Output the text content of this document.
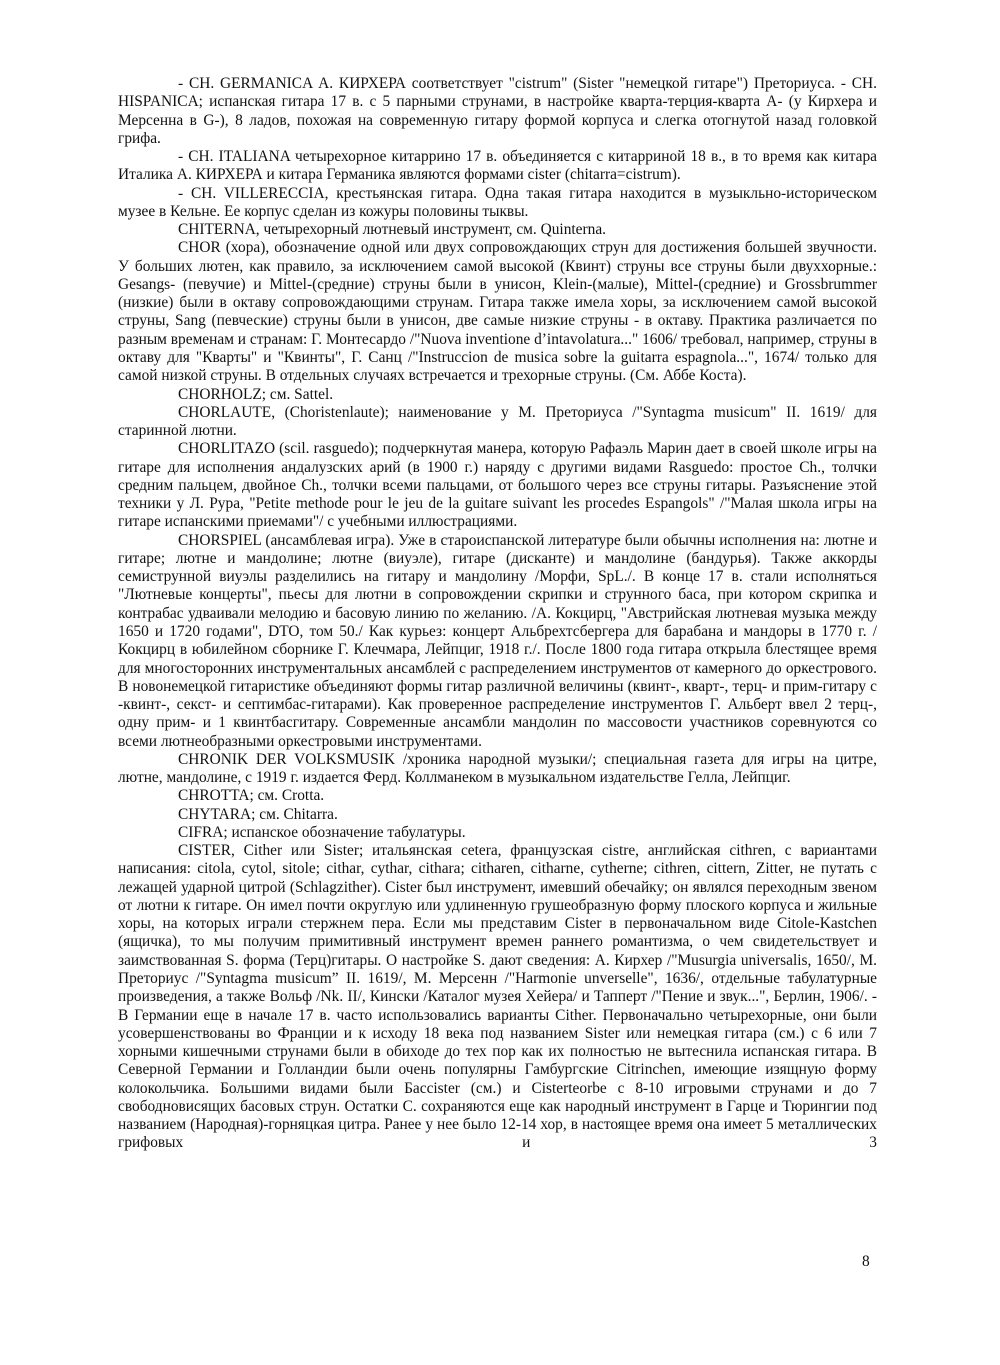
- CH. GERMANICA А. КИРХЕРА соответствует "cistrum" (Sister "немецкой гитаре") Преториуса. - CH. HISPANICA; испанская гитара 17 в. с 5 парными струнами, в настройке кварта-терция-кварта A- (у Кирхера и Мерсенна в G-), 8 ладов, похожая на современную гитару формой корпуса и слегка отогнутой назад головкой грифа.

- CH. ITALIANA четырехорное китаррино 17 в. объединяется с китарриной 18 в., в то время как китара Италика А. КИРХЕРА и китара Германика являются формами cister (chitarra=cistrum).

- CH. VILLERECCIA, крестьянская гитара. Одна такая гитара находится в музыкльно-историческом музее в Кельне. Ее корпус сделан из кожуры половины тыквы.

CHITERNA, четырехорный лютневый инструмент, см. Quinterna.

CHOR (хора), обозначение одной или двух сопровождающих струн для достижения большей звучности. У больших лютен, как правило, за исключением самой высокой (Квинт) струны все струны были двуххорные.: Gesangs- (певучие) и Mittel-(средние) струны были в унисон, Klein-(малые), Mittel-(средние) и Grossbrummer (низкие) были в октаву сопровождающими струнам. Гитара также имела хоры, за исключением самой высокой струны, Sang (певческие) струны были в унисон, две самые низкие струны - в октаву. Практика различается по разным временам и странам: Г. Монтесардо /"Nuova inventione d’intavolatura..." 1606/ требовал, например, струны в октаву для "Кварты" и "Квинты", Г. Санц /"Instruccion de musica sobre la guitarra espagnola...", 1674/ только для самой низкой струны. В отдельных случаях встречается и трехорные струны. (См. Аббе Коста).

CHORHOLZ; см. Sattel.

CHORLAUTE, (Choristenlaute); наименование у М. Преториуса /"Syntagma musicum" II. 1619/ для старинной лютни.

CHORLITAZO (scil. rasguedo); подчеркнутая манера, которую Рафаэль Марин дает в своей школе игры на гитаре для исполнения андалузских арий (в 1900 г.) наряду с другими видами Rasguedo: простое Ch., толчки средним пальцем, двойное Ch., толчки всеми пальцами, от большого через все струны гитары. Разъяснение этой техники у Л. Рура, "Petite methode pour le jeu de la guitare suivant les procedes Espangols" /"Малая школа игры на гитаре испанскими приемами"/ с учебными иллюстрациями.

CHORSPIEL (ансамблевая игра). Уже в староиспанской литературе были обычны исполнения на: лютне и гитаре; лютне и мандолине; лютне (виуэле), гитаре (дисканте) и мандолине (бандурья). Также аккорды семиструнной виуэлы разделились на гитару и мандолину /Морфи, SpL./. В конце 17 в. стали исполняться "Лютневые концерты", пьесы для лютни в сопровождении скрипки и струнного баса, при котором скрипка и контрабас удваивали мелодию и басовую линию по желанию. /А. Кокцирц, "Австрийская лютневая музыка между 1650 и 1720 годами", DTO, том 50./ Как курьез: концерт Альбрехтсбергера для барабана и мандоры в 1770 г. /Кокцирц в юбилейном сборнике Г. Клечмара, Лейпциг, 1918 г./. После 1800 года гитара открыла блестящее время для многосторонних инструментальных ансамблей с распределением инструментов от камерного до оркестрового. В новонемецкой гитаристике объединяют формы гитар различной величины (квинт-, кварт-, терц- и прим-гитару с -квинт-, секст- и септимбас-гитарами). Как проверенное распределение инструментов Г. Альберт ввел 2 терц-, одну прим- и 1 квинтбасгитару. Современные ансамбли мандолин по массовости участников соревнуются со всеми лютнеобразными оркестровыми инструментами.

CHRONIK DER VOLKSMUSIK /хроника народной музыки/; специальная газета для игры на цитре, лютне, мандолине, с 1919 г. издается Ферд. Коллманеком в музыкальном издательстве Гелла, Лейпциг.

CHROTTA; см. Crotta.

CHYTARA; см. Chitarra.

CIFRA; испанское обозначение табулатуры.

CISTER, Cither или Sister; итальянская cetera, французская cistre, английская cithren, с вариантами написания: citola, cytol, sitole; cithar, cythar, cithara; citharen, citharne, cytherne; cithren, cittern, Zitter, не путать с лежащей ударной цитрой (Schlagzither). Cister был инструмент, имевший обечайку; он являлся переходным звеном от лютни к гитаре. Он имел почти округлую или удлиненную грушеобразную форму плоского корпуса и жильные хоры, на которых играли стержнем пера. Если мы представим Cister в первоначальном виде Citole-Kastchen (ящичка), то мы получим примитивный инструмент времен раннего романтизма, о чем свидетельствует и заимствованная S. форма (Терц)гитары. О настройке S. дают сведения: А. Кирхер /"Musurgia universalis, 1650/, М. Преториус /"Syntagma musicum” II. 1619/, М. Мерсенн /"Harmonie unverselle", 1636/, отдельные табулатурные произведения, а также Вольф /Nk. II/, Кински /Каталог музея Хейера/ и Тапперт /"Пение и звук...", Берлин, 1906/. - В Германии еще в начале 17 в. часто использовались варианты Cither. Первоначально четырехорные, они были усовершенствованы во Франции и к исходу 18 века под названием Sister или немецкая гитара (см.) с 6 или 7 хорными кишечными струнами были в обиходе до тех пор как их полностью не вытеснила испанская гитара. В Северной Германии и Голландии были очень популярны Гамбургские Citrinchen, имеющие изящную форму колокольчика. Большими видами были Баccister (см.) и Cisterteorbe с 8-10 игровыми струнами и до 7 свободновисящих басовых струн. Остатки С. сохраняются еще как народный инструмент в Гарце и Тюрингии под названием (Народная)-горняцкая цитра. Ранее у нее было 12-14 хор, в настоящее время она имеет 5 металлических грифовых и 3

8
